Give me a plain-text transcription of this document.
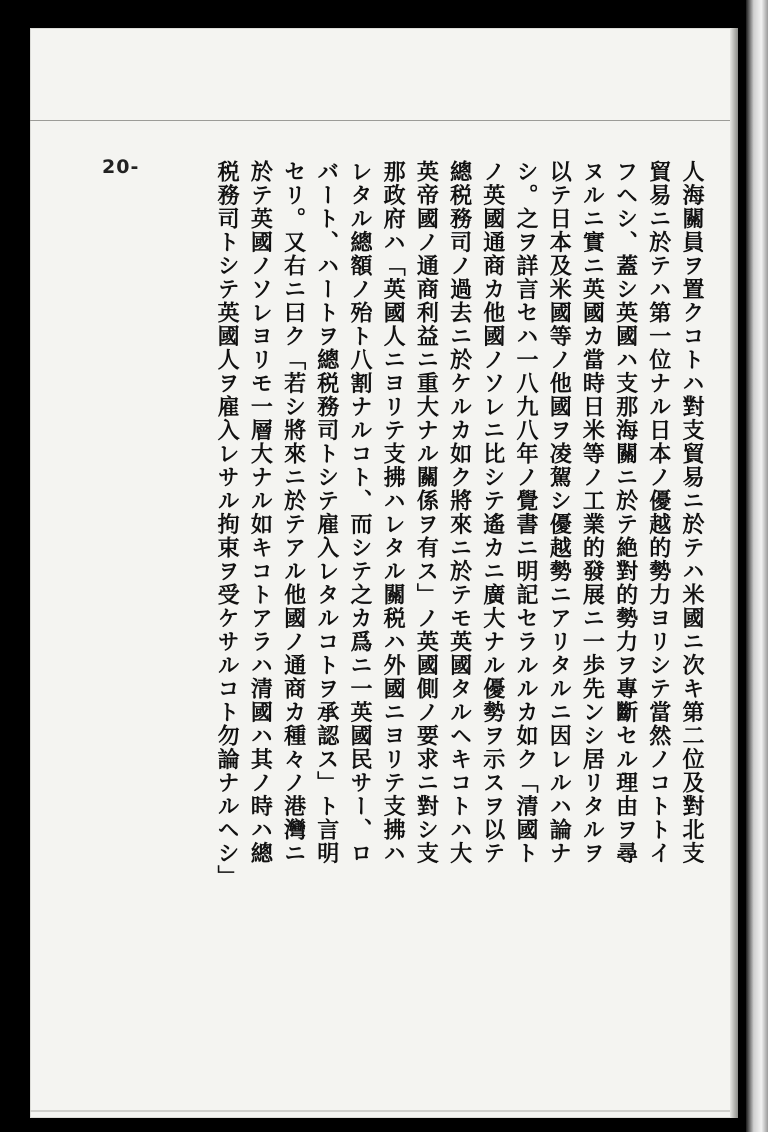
20-	人海關員ヲ置クコトハ對支貿易ニ於テハ米國ニ次キ第二位及對北支
貿易ニ於テハ第一位ナル日本ノ優越的勢力ヨリシテ當然ノコトトイ
フヘシ、蓋シ英國ハ支那海關ニ於テ絶對的勢力ヲ專斷セル理由ヲ尋
ヌルニ實ニ英國カ當時日米等ノ工業的發展ニ一歩先ンシ居リタルヲ
以テ日本及米國等ノ他國ヲ凌駕シ優越勢ニアリタルニ因レルハ論ナ
シ。之ヲ詳言セハ一八九八年ノ覺書ニ明記セラルルカ如ク「清國ト
ノ英國通商カ他國ノソレニ比シテ遙カニ廣大ナル優勢ヲ示スヲ以テ
總税務司ノ過去ニ於ケルカ如ク將來ニ於テモ英國タルヘキコトハ大
英帝國ノ通商利益ニ重大ナル關係ヲ有ス」ノ英國側ノ要求ニ對シ支
那政府ハ「英國人ニヨリテ支拂ハレタル關税ハ外國ニヨリテ支拂ハ
レタル總額ノ殆ト八割ナルコト、而シテ之カ爲ニ一英國民サー、ロ
バート、ハートヲ總税務司トシテ雇入レタルコトヲ承認ス」ト言明
セリ。又右ニ曰ク「若シ將來ニ於テアル他國ノ通商カ種々ノ港灣ニ
於テ英國ノソレヨリモ一層大ナル如キコトアラハ清國ハ其ノ時ハ總
税務司トシテ英國人ヲ雇入レサル拘束ヲ受ケサルコト勿論ナルヘシ」
